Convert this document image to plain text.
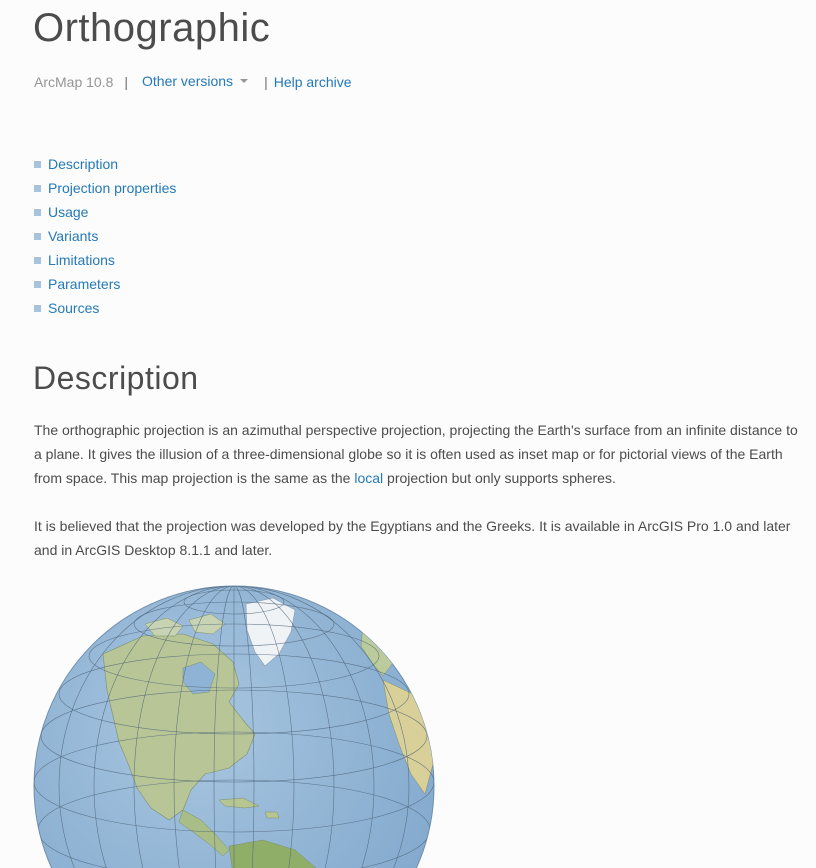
Orthographic
ArcMap 10.8 | Other versions | Help archive
Description
Projection properties
Usage
Variants
Limitations
Parameters
Sources
Description

The orthographic projection is an azimuthal perspective projection, projecting the Earth's surface from an infinite distance to a plane. It gives the illusion of a three-dimensional globe so it is often used as inset map or for pictorial views of the Earth from space. This map projection is the same as the local projection but only supports spheres.

It is believed that the projection was developed by the Egyptians and the Greeks. It is available in ArcGIS Pro 1.0 and later and in ArcGIS Desktop 8.1.1 and later.
